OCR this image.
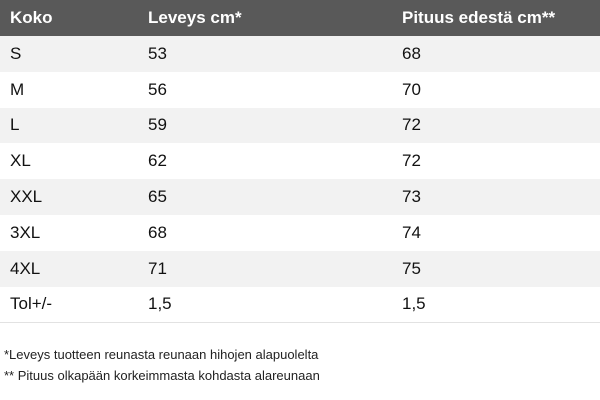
Koko	Leveys cm*	Pituus edestä cm**
S	53	68
M	56	70
L	59	72
XL	62	72
XXL	65	73
3XL	68	74
4XL	71	75
Tol+/-	1,5	1,5

*Leveys tuotteen reunasta reunaan hihojen alapuolelta

** Pituus olkapään korkeimmasta kohdasta alareunaan
